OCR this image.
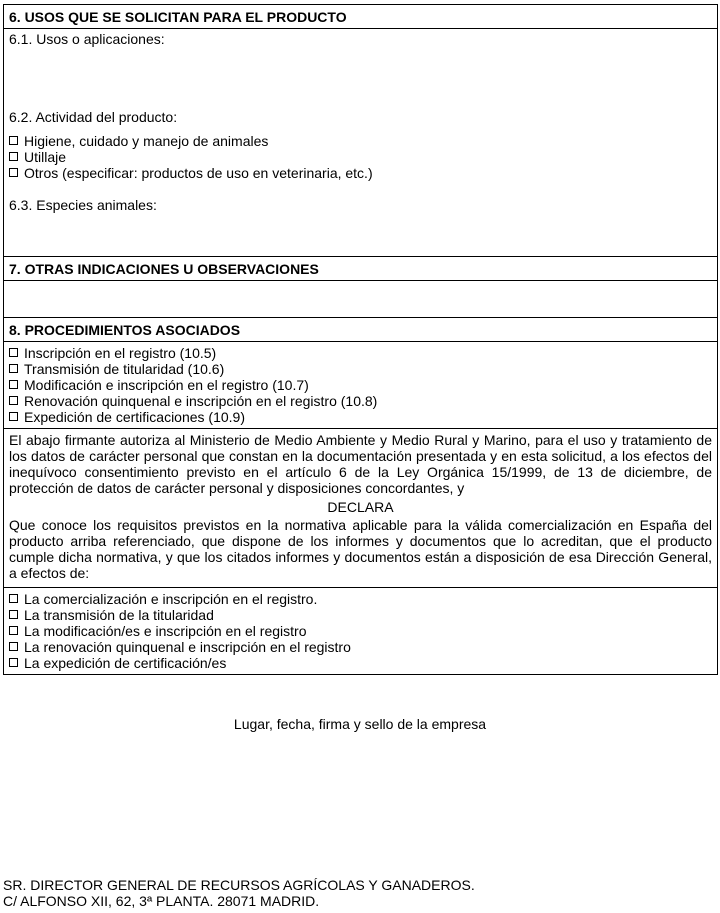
6. USOS QUE SE SOLICITAN PARA EL PRODUCTO
6.1. Usos o aplicaciones:
6.2. Actividad del producto:
Higiene, cuidado y manejo de animales
Utillaje
Otros (especificar: productos de uso en veterinaria, etc.)
6.3. Especies animales:
7. OTRAS INDICACIONES U OBSERVACIONES
8. PROCEDIMIENTOS ASOCIADOS
Inscripción en el registro (10.5)
Transmisión de titularidad (10.6)
Modificación e inscripción en el registro (10.7)
Renovación quinquenal e inscripción en el registro (10.8)
Expedición de certificaciones (10.9)
El abajo firmante autoriza al Ministerio de Medio Ambiente y Medio Rural y Marino, para el uso y tratamiento de los datos de carácter personal que constan en la documentación presentada y en esta solicitud, a los efectos del inequívoco consentimiento previsto en el artículo 6 de la Ley Orgánica 15/1999, de 13 de diciembre, de protección de datos de carácter personal y disposiciones concordantes, y
DECLARA
Que conoce los requisitos previstos en la normativa aplicable para la válida comercialización en España del producto arriba referenciado, que dispone de los informes y documentos que lo acreditan, que el producto cumple dicha normativa, y que los citados informes y documentos están a disposición de esa Dirección General, a efectos de:
La comercialización e inscripción en el registro.
La transmisión de la titularidad
La modificación/es e inscripción en el registro
La renovación quinquenal e inscripción en el registro
La expedición de certificación/es
Lugar, fecha, firma y sello de la empresa
SR. DIRECTOR GENERAL DE RECURSOS AGRÍCOLAS Y GANADEROS.
C/ ALFONSO XII, 62, 3ª PLANTA. 28071 MADRID.
